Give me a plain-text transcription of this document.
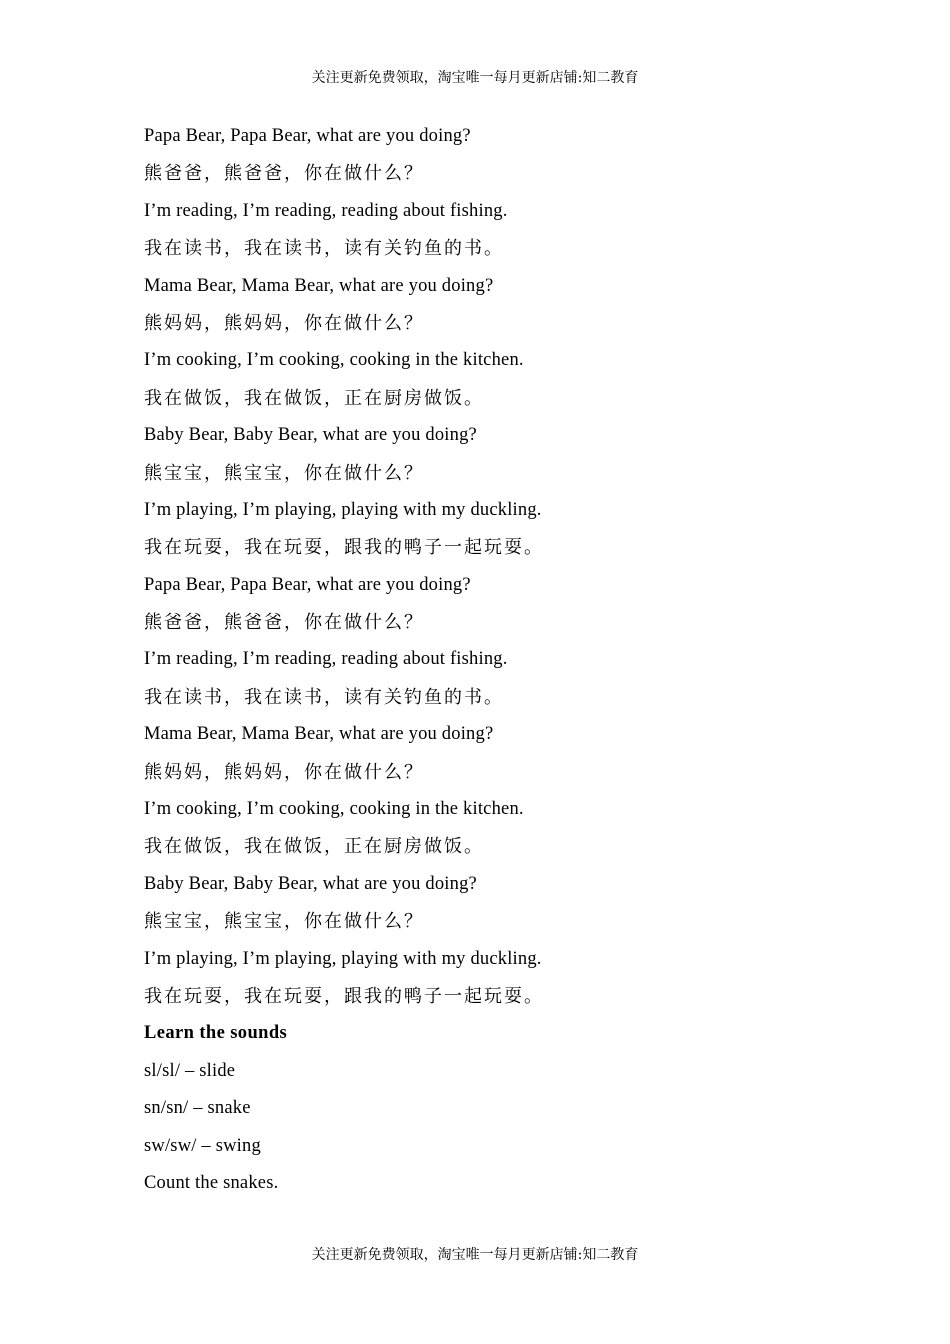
关注更新免费领取，淘宝唯一每月更新店铺:知二教育
Papa Bear, Papa Bear, what are you doing?
熊爸爸，熊爸爸，你在做什么？
I’m reading, I’m reading, reading about fishing.
我在读书，我在读书，读有关钓鱼的书。
Mama Bear, Mama Bear, what are you doing?
熊妈妈，熊妈妈，你在做什么？
I’m cooking, I’m cooking, cooking in the kitchen.
我在做饭，我在做饭，正在厨房做饭。
Baby Bear, Baby Bear, what are you doing?
熊宝宝，熊宝宝，你在做什么？
I’m playing, I’m playing, playing with my duckling.
我在玩耍，我在玩耍，跟我的鸭子一起玩耍。
Papa Bear, Papa Bear, what are you doing?
熊爸爸，熊爸爸，你在做什么？
I’m reading, I’m reading, reading about fishing.
我在读书，我在读书，读有关钓鱼的书。
Mama Bear, Mama Bear, what are you doing?
熊妈妈，熊妈妈，你在做什么？
I’m cooking, I’m cooking, cooking in the kitchen.
我在做饭，我在做饭，正在厨房做饭。
Baby Bear, Baby Bear, what are you doing?
熊宝宝，熊宝宝，你在做什么？
I’m playing, I’m playing, playing with my duckling.
我在玩耍，我在玩耍，跟我的鸭子一起玩耍。
Learn the sounds
sl/sl/ – slide
sn/sn/ – snake
sw/sw/ – swing
Count the snakes.
关注更新免费领取，淘宝唯一每月更新店铺:知二教育
